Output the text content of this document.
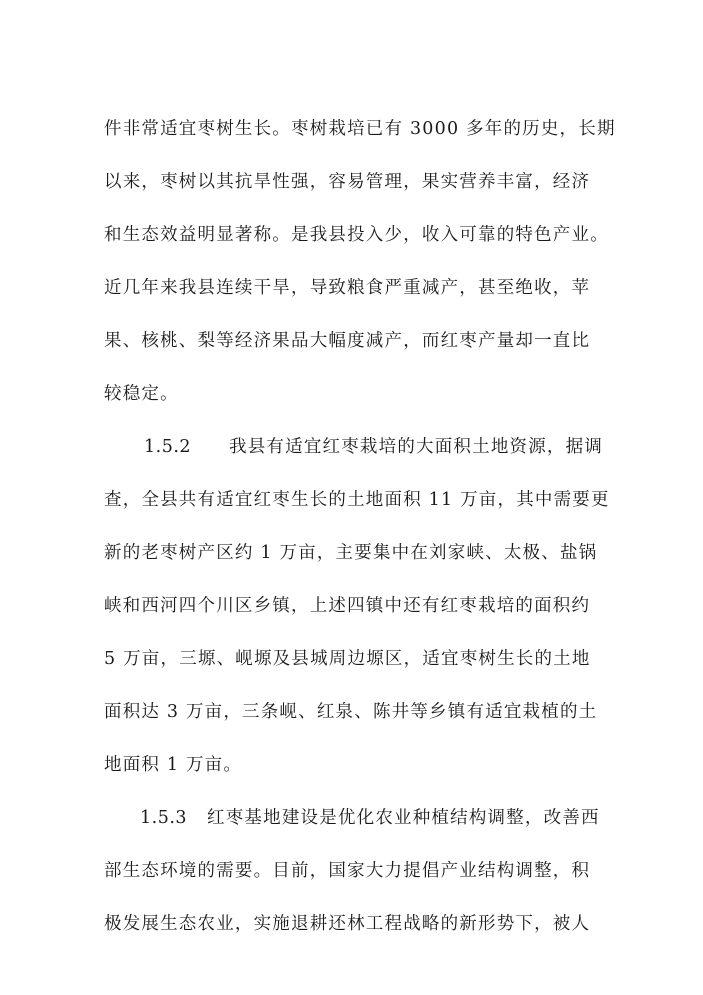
件非常适宜枣树生长。枣树栽培已有 3000 多年的历史，长期
以来，枣树以其抗旱性强，容易管理，果实营养丰富，经济
和生态效益明显著称。是我县投入少，收入可靠的特色产业。
近几年来我县连续干旱，导致粮食严重减产，甚至绝收，苹
果、核桃、梨等经济果品大幅度减产，而红枣产量却一直比
较稳定。
1.5.2 我县有适宜红枣栽培的大面积土地资源，据调
查，全县共有适宜红枣生长的土地面积 11 万亩，其中需要更
新的老枣树产区约 1 万亩，主要集中在刘家峡、太极、盐锅
峡和西河四个川区乡镇，上述四镇中还有红枣栽培的面积约
5 万亩，三塬、岘塬及县城周边塬区，适宜枣树生长的土地
面积达 3 万亩，三条岘、红泉、陈井等乡镇有适宜栽植的土
地面积 1 万亩。
1.5.3 红枣基地建设是优化农业种植结构调整，改善西
部生态环境的需要。目前，国家大力提倡产业结构调整，积
极发展生态农业，实施退耕还林工程战略的新形势下，被人
